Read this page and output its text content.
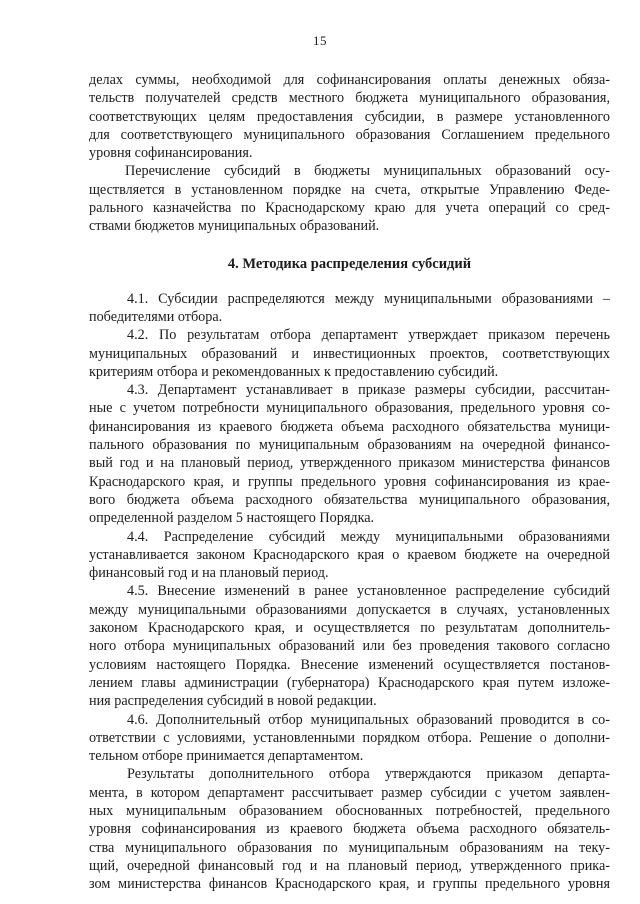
15
делах суммы, необходимой для софинансирования оплаты денежных обяза-
тельств получателей средств местного бюджета муниципального образования,
соответствующих целям предоставления субсидии, в размере установленного
для соответствующего муниципального образования Соглашением предельного
уровня софинансирования.
Перечисление субсидий в бюджеты муниципальных образований осу-
ществляется в установленном порядке на счета, открытые Управлению Феде-
рального казначейства по Краснодарскому краю для учета операций со сред-
ствами бюджетов муниципальных образований.
4. Методика распределения субсидий
4.1. Субсидии распределяются между муниципальными образованиями –
победителями отбора.
4.2. По результатам отбора департамент утверждает приказом перечень
муниципальных образований и инвестиционных проектов, соответствующих
критериям отбора и рекомендованных к предоставлению субсидий.
4.3. Департамент устанавливает в приказе размеры субсидии, рассчитан-
ные с учетом потребности муниципального образования, предельного уровня со-
финансирования из краевого бюджета объема расходного обязательства муници-
пального образования по муниципальным образованиям на очередной финансо-
вый год и на плановый период, утвержденного приказом министерства финансов
Краснодарского края, и группы предельного уровня софинансирования из крае-
вого бюджета объема расходного обязательства муниципального образования,
определенной разделом 5 настоящего Порядка.
4.4. Распределение субсидий между муниципальными образованиями
устанавливается законом Краснодарского края о краевом бюджете на очередной
финансовый год и на плановый период.
4.5. Внесение изменений в ранее установленное распределение субсидий
между муниципальными образованиями допускается в случаях, установленных
законом Краснодарского края, и осуществляется по результатам дополнитель-
ного отбора муниципальных образований или без проведения такового согласно
условиям настоящего Порядка. Внесение изменений осуществляется постанов-
лением главы администрации (губернатора) Краснодарского края путем изложе-
ния распределения субсидий в новой редакции.
4.6. Дополнительный отбор муниципальных образований проводится в со-
ответствии с условиями, установленными порядком отбора. Решение о дополни-
тельном отборе принимается департаментом.
Результаты дополнительного отбора утверждаются приказом департа-
мента, в котором департамент рассчитывает размер субсидии с учетом заявлен-
ных муниципальным образованием обоснованных потребностей, предельного
уровня софинансирования из краевого бюджета объема расходного обязатель-
ства муниципального образования по муниципальным образованиям на теку-
щий, очередной финансовый год и на плановый период, утвержденного прика-
зом министерства финансов Краснодарского края, и группы предельного уровня
